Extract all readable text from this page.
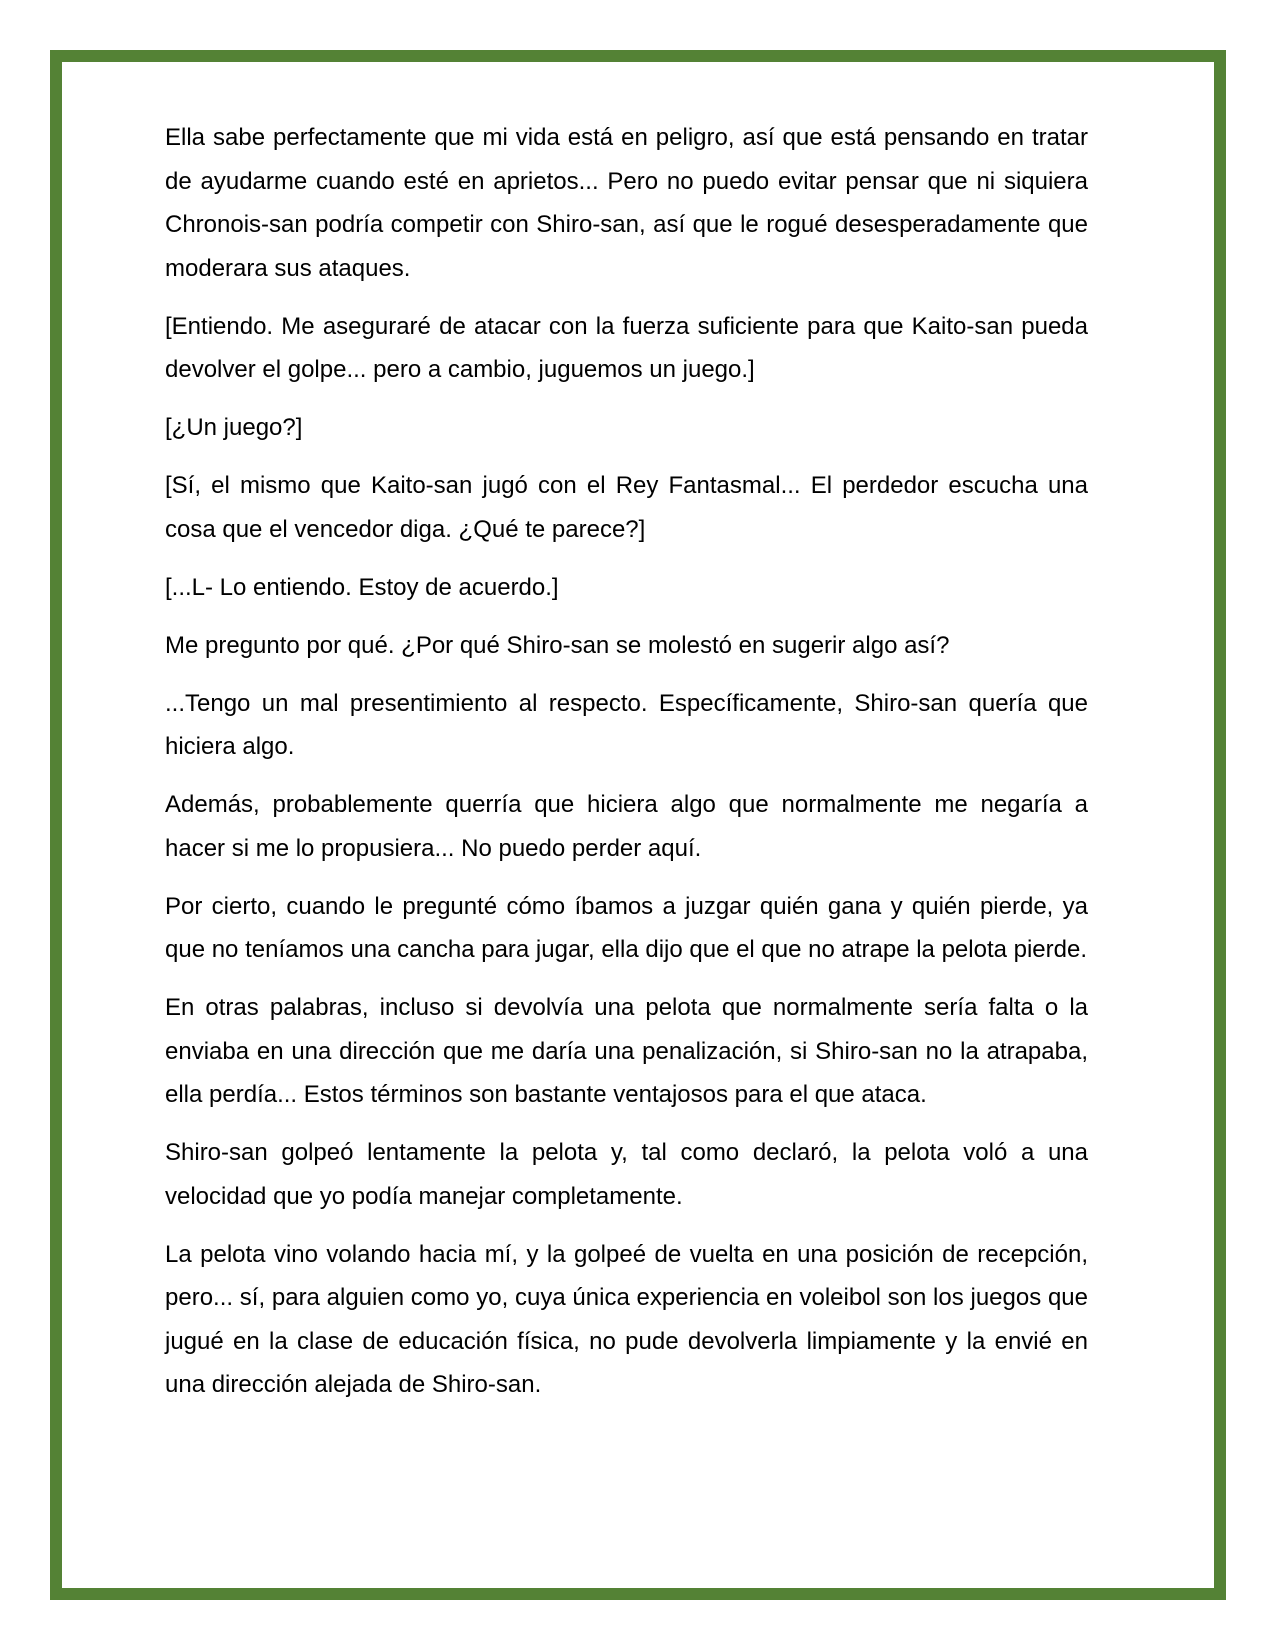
Ella sabe perfectamente que mi vida está en peligro, así que está pensando en tratar de ayudarme cuando esté en aprietos... Pero no puedo evitar pensar que ni siquiera Chronois-san podría competir con Shiro-san, así que le rogué desesperadamente que moderara sus ataques.

[Entiendo. Me aseguraré de atacar con la fuerza suficiente para que Kaito-san pueda devolver el golpe... pero a cambio, juguemos un juego.]

[¿Un juego?]

[Sí, el mismo que Kaito-san jugó con el Rey Fantasmal... El perdedor escucha una cosa que el vencedor diga. ¿Qué te parece?]

[...L- Lo entiendo. Estoy de acuerdo.]

Me pregunto por qué. ¿Por qué Shiro-san se molestó en sugerir algo así?

...Tengo un mal presentimiento al respecto. Específicamente, Shiro-san quería que hiciera algo.

Además, probablemente querría que hiciera algo que normalmente me negaría a hacer si me lo propusiera... No puedo perder aquí.

Por cierto, cuando le pregunté cómo íbamos a juzgar quién gana y quién pierde, ya que no teníamos una cancha para jugar, ella dijo que el que no atrape la pelota pierde.

En otras palabras, incluso si devolvía una pelota que normalmente sería falta o la enviaba en una dirección que me daría una penalización, si Shiro-san no la atrapaba, ella perdía... Estos términos son bastante ventajosos para el que ataca.

Shiro-san golpeó lentamente la pelota y, tal como declaró, la pelota voló a una velocidad que yo podía manejar completamente.

La pelota vino volando hacia mí, y la golpeé de vuelta en una posición de recepción, pero... sí, para alguien como yo, cuya única experiencia en voleibol son los juegos que jugué en la clase de educación física, no pude devolverla limpiamente y la envié en una dirección alejada de Shiro-san.
